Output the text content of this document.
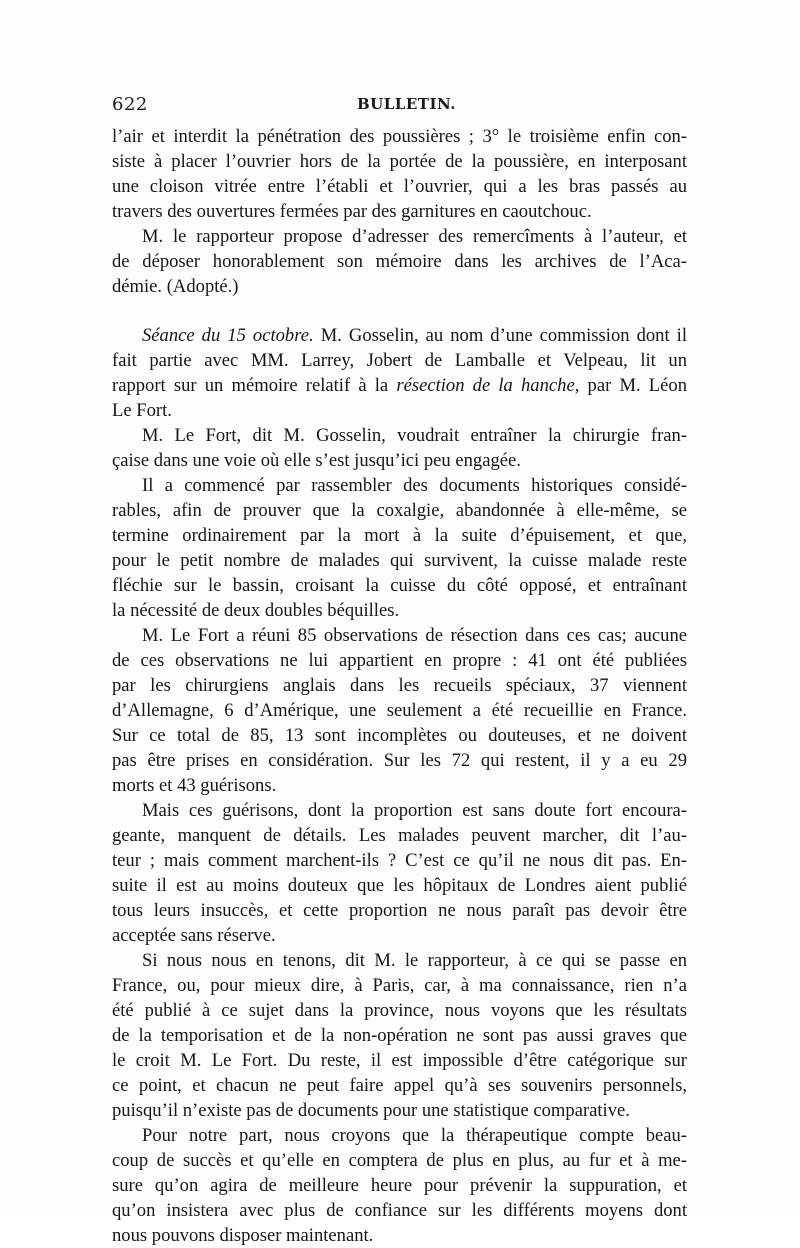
622	BULLETIN.
l’air et interdit la pénétration des poussières ; 3° le troisième enfin con-
siste à placer l’ouvrier hors de la portée de la poussière, en interposant
une cloison vitrée entre l’établi et l’ouvrier, qui a les bras passés au
travers des ouvertures fermées par des garnitures en caoutchouc.
M. le rapporteur propose d’adresser des remercîments à l’auteur, et
de déposer honorablement son mémoire dans les archives de l’Aca-
démie. (Adopté.)
Séance du 15 octobre. M. Gosselin, au nom d’une commission dont il
fait partie avec MM. Larrey, Jobert de Lamballe et Velpeau, lit un
rapport sur un mémoire relatif à la résection de la hanche, par M. Léon
Le Fort.
M. Le Fort, dit M. Gosselin, voudrait entraîner la chirurgie fran-
çaise dans une voie où elle s’est jusqu’ici peu engagée.
Il a commencé par rassembler des documents historiques considé-
rables, afin de prouver que la coxalgie, abandonnée à elle-même, se
termine ordinairement par la mort à la suite d’épuisement, et que,
pour le petit nombre de malades qui survivent, la cuisse malade reste
fléchie sur le bassin, croisant la cuisse du côté opposé, et entraînant
la nécessité de deux doubles béquilles.
M. Le Fort a réuni 85 observations de résection dans ces cas; aucune
de ces observations ne lui appartient en propre : 41 ont été publiées
par les chirurgiens anglais dans les recueils spéciaux, 37 viennent
d’Allemagne, 6 d’Amérique, une seulement a été recueillie en France.
Sur ce total de 85, 13 sont incomplètes ou douteuses, et ne doivent
pas être prises en considération. Sur les 72 qui restent, il y a eu 29
morts et 43 guérisons.
Mais ces guérisons, dont la proportion est sans doute fort encoura-
geante, manquent de détails. Les malades peuvent marcher, dit l’au-
teur ; mais comment marchent-ils ? C’est ce qu’il ne nous dit pas. En-
suite il est au moins douteux que les hôpitaux de Londres aient publié
tous leurs insuccès, et cette proportion ne nous paraît pas devoir être
acceptée sans réserve.
Si nous nous en tenons, dit M. le rapporteur, à ce qui se passe en
France, ou, pour mieux dire, à Paris, car, à ma connaissance, rien n’a
été publié à ce sujet dans la province, nous voyons que les résultats
de la temporisation et de la non-opération ne sont pas aussi graves que
le croit M. Le Fort. Du reste, il est impossible d’être catégorique sur
ce point, et chacun ne peut faire appel qu’à ses souvenirs personnels,
puisqu’il n’existe pas de documents pour une statistique comparative.
Pour notre part, nous croyons que la thérapeutique compte beau-
coup de succès et qu’elle en comptera de plus en plus, au fur et à me-
sure qu’on agira de meilleure heure pour prévenir la suppuration, et
qu’on insistera avec plus de confiance sur les différents moyens dont
nous pouvons disposer maintenant.
